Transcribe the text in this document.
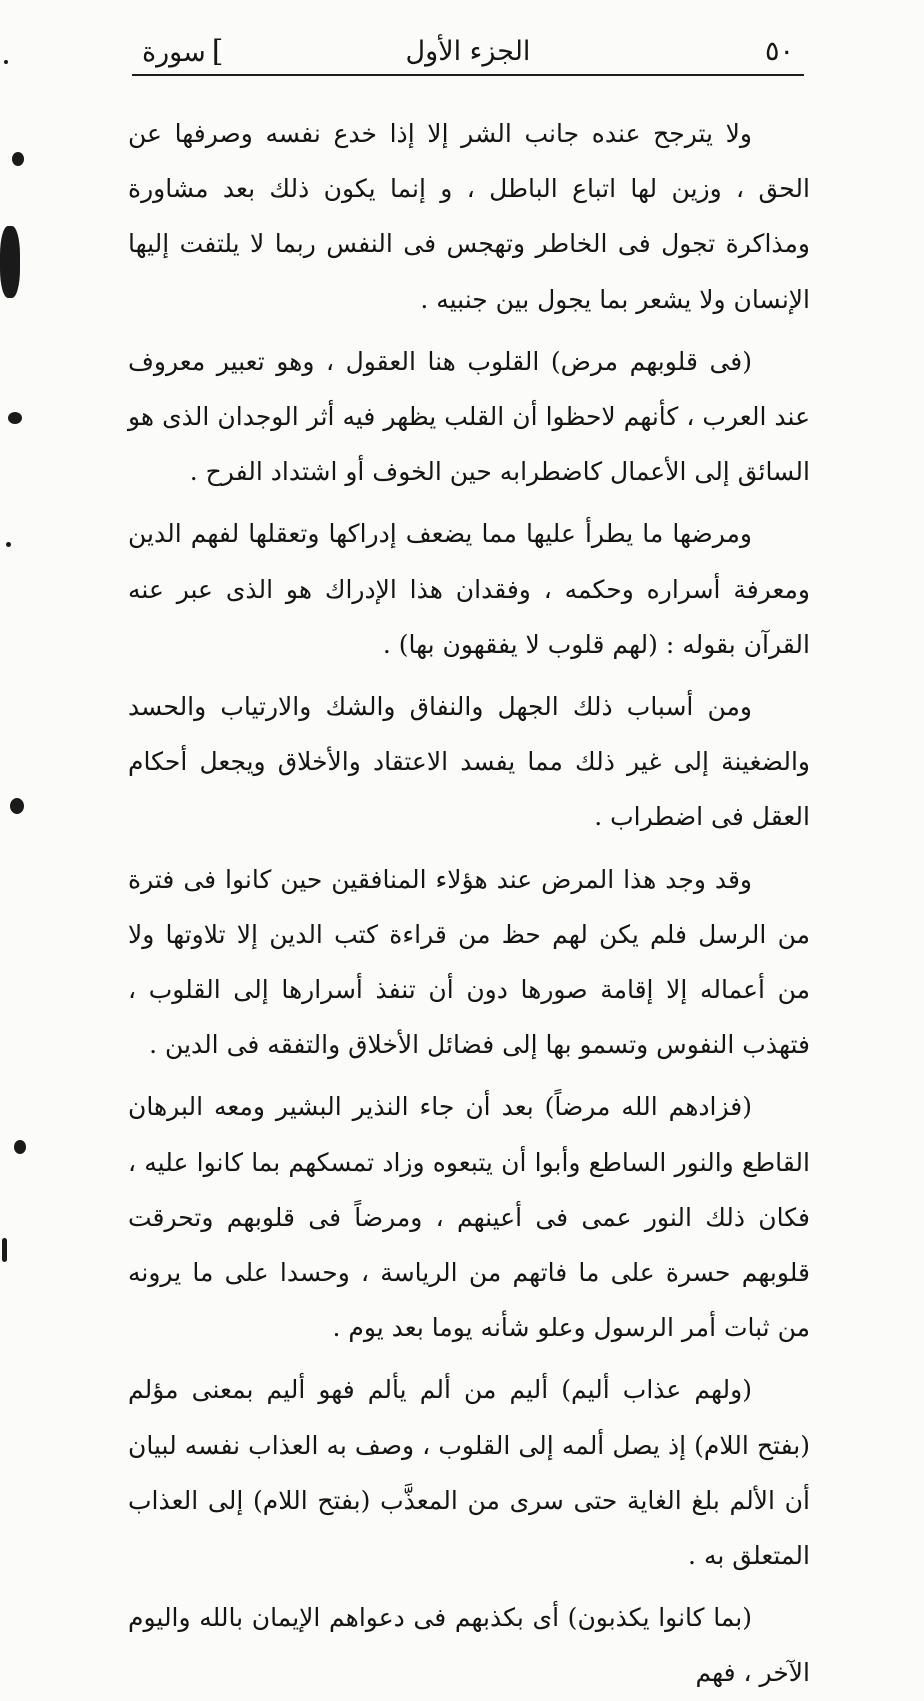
٥٠
الجزء الأول
سورة [

ولا يترجح عنده جانب الشر إلا إذا خدع نفسه وصرفها عن الحق ، وزين لها اتباع الباطل ، و إنما يكون ذلك بعد مشاورة ومذاكرة تجول فى الخاطر وتهجس فى النفس ربما لا يلتفت إليها الإنسان ولا يشعر بما يجول بين جنبيه .

(فى قلوبهم مرض) القلوب هنا العقول ، وهو تعبير معروف عند العرب ، كأنهم لاحظوا أن القلب يظهر فيه أثر الوجدان الذى هو السائق إلى الأعمال كاضطرابه حين الخوف أو اشتداد الفرح .

ومرضها ما يطرأ عليها مما يضعف إدراكها وتعقلها لفهم الدين ومعرفة أسراره وحكمه ، وفقدان هذا الإدراك هو الذى عبر عنه القرآن بقوله : (لهم قلوب لا يفقهون بها) .

ومن أسباب ذلك الجهل والنفاق والشك والارتياب والحسد والضغينة إلى غير ذلك مما يفسد الاعتقاد والأخلاق ويجعل أحكام العقل فى اضطراب .

وقد وجد هذا المرض عند هؤلاء المنافقين حين كانوا فى فترة من الرسل فلم يكن لهم حظ من قراءة كتب الدين إلا تلاوتها ولا من أعماله إلا إقامة صورها دون أن تنفذ أسرارها إلى القلوب ، فتهذب النفوس وتسمو بها إلى فضائل الأخلاق والتفقه فى الدين .

(فزادهم الله مرضاً) بعد أن جاء النذير البشير ومعه البرهان القاطع والنور الساطع وأبوا أن يتبعوه وزاد تمسكهم بما كانوا عليه ، فكان ذلك النور عمى فى أعينهم ، ومرضاً فى قلوبهم وتحرقت قلوبهم حسرة على ما فاتهم من الرياسة ، وحسدا على ما يرونه من ثبات أمر الرسول وعلو شأنه يوما بعد يوم .

(ولهم عذاب أليم) أليم من ألم يألم فهو أليم بمعنى مؤلم (بفتح اللام) إذ يصل ألمه إلى القلوب ، وصف به العذاب نفسه لبيان أن الألم بلغ الغاية حتى سرى من المعذَّب (بفتح اللام) إلى العذاب المتعلق به .

(بما كانوا يكذبون) أى بكذبهم فى دعواهم الإيمان بالله واليوم الآخر ، فهم
